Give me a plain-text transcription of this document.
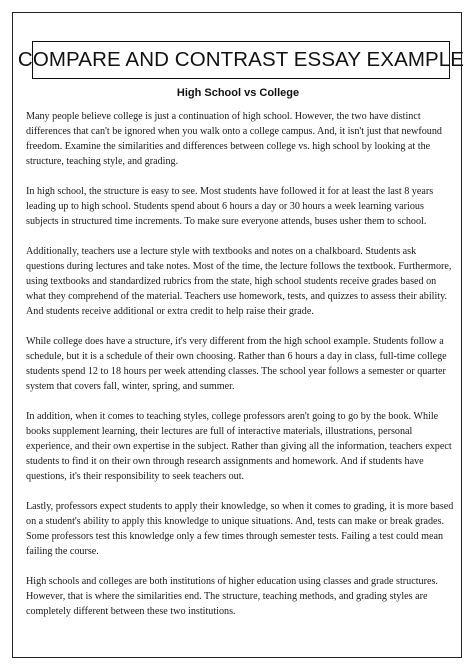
COMPARE AND CONTRAST ESSAY EXAMPLE
High School vs College

Many people believe college is just a continuation of high school. However, the two have distinct differences that can't be ignored when you walk onto a college campus. And, it isn't just that newfound freedom. Examine the similarities and differences between college vs. high school by looking at the structure, teaching style, and grading.

In high school, the structure is easy to see. Most students have followed it for at least the last 8 years leading up to high school. Students spend about 6 hours a day or 30 hours a week learning various subjects in structured time increments. To make sure everyone attends, buses usher them to school.

Additionally, teachers use a lecture style with textbooks and notes on a chalkboard. Students ask questions during lectures and take notes. Most of the time, the lecture follows the textbook. Furthermore, using textbooks and standardized rubrics from the state, high school students receive grades based on what they comprehend of the material. Teachers use homework, tests, and quizzes to assess their ability. And students receive additional or extra credit to help raise their grade.

While college does have a structure, it's very different from the high school example. Students follow a schedule, but it is a schedule of their own choosing. Rather than 6 hours a day in class, full-time college students spend 12 to 18 hours per week attending classes. The school year follows a semester or quarter system that covers fall, winter, spring, and summer.

In addition, when it comes to teaching styles, college professors aren't going to go by the book. While books supplement learning, their lectures are full of interactive materials, illustrations, personal experience, and their own expertise in the subject. Rather than giving all the information, teachers expect students to find it on their own through research assignments and homework. And if students have questions, it's their responsibility to seek teachers out.

Lastly, professors expect students to apply their knowledge, so when it comes to grading, it is more based on a student's ability to apply this knowledge to unique situations. And, tests can make or break grades. Some professors test this knowledge only a few times through semester tests. Failing a test could mean failing the course.

High schools and colleges are both institutions of higher education using classes and grade structures. However, that is where the similarities end. The structure, teaching methods, and grading styles are completely different between these two institutions.
